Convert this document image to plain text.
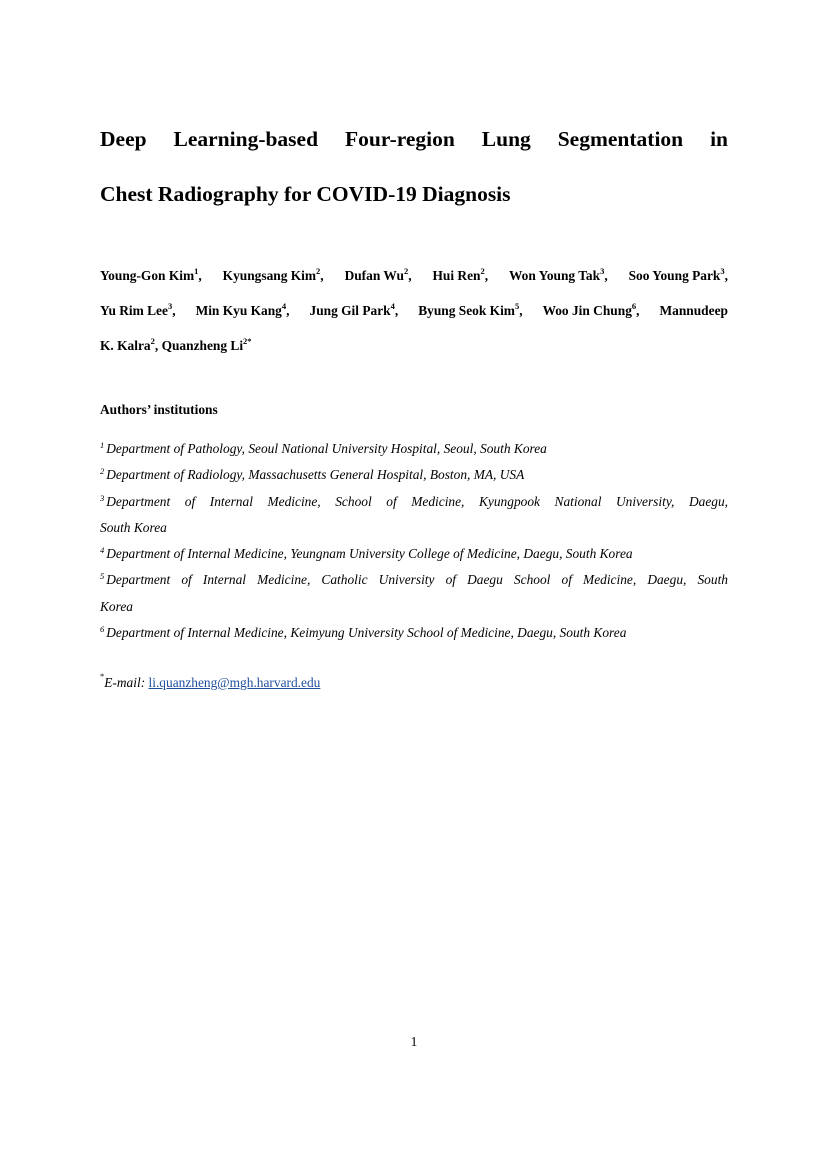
Deep Learning-based Four-region Lung Segmentation in
Chest Radiography for COVID-19 Diagnosis
Young-Gon Kim$^1$, Kyungsang Kim$^2$, Dufan Wu$^2$, Hui Ren$^2$, Won Young Tak$^3$, Soo Young Park$^3$,
Yu Rim Lee$^3$, Min Kyu Kang$^4$, Jung Gil Park$^4$, Byung Seok Kim$^5$, Woo Jin Chung$^6$, Mannudeep
K. Kalra$^2$,
Quanzheng $Li^{2*}$
Authors’ institutions
$^1$ Department of Pathology, Seoul National University Hospital, Seoul, South Korea
$^2$ Department of Radiology, Massachusetts General Hospital, Boston, MA, USA
$^3$ Department of Internal Medicine, School of Medicine, Kyungpook National University, Daegu,
South Korea
$^4$ Department of Internal Medicine, Yeungnam University College of Medicine, Daegu, South Korea
$^5$ Department of Internal Medicine, Catholic University of Daegu School of Medicine, Daegu, South
Korea
$^6$ Department of Internal Medicine, Keimyung University School of Medicine, Daegu, South Korea
*E-mail: li.quanzheng@mgh.harvard.edu
1
